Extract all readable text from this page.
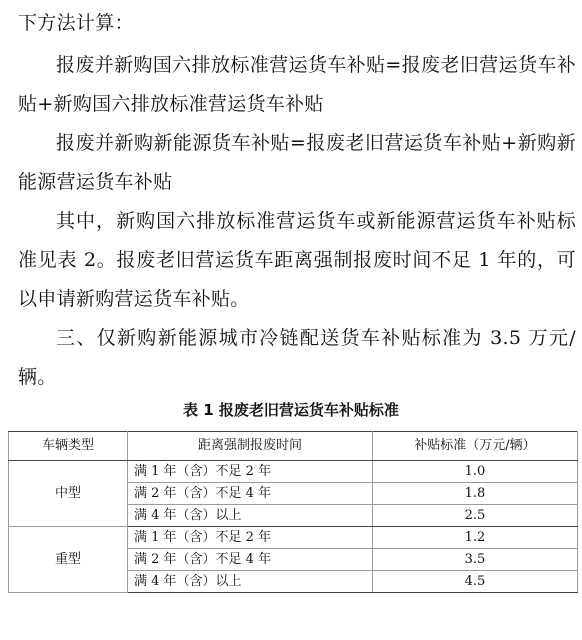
下方法计算：

报废并新购国六排放标准营运货车补贴=报废老旧营运货车补贴+新购国六排放标准营运货车补贴

报废并新购新能源货车补贴=报废老旧营运货车补贴+新购新能源营运货车补贴

其中，新购国六排放标准营运货车或新能源营运货车补贴标准见表 2。报废老旧营运货车距离强制报废时间不足 1 年的，可以申请新购营运货车补贴。

三、仅新购新能源城市冷链配送货车补贴标准为 3.5 万元/辆。

表 1 报废老旧营运货车补贴标准
车辆类型	距离强制报废时间	补贴标准（万元/辆）
中型	满 1 年（含）不足 2 年	1.0
	满 2 年（含）不足 4 年	1.8
	满 4 年（含）以上	2.5
重型	满 1 年（含）不足 2 年	1.2
	满 2 年（含）不足 4 年	3.5
	满 4 年（含）以上	4.5
